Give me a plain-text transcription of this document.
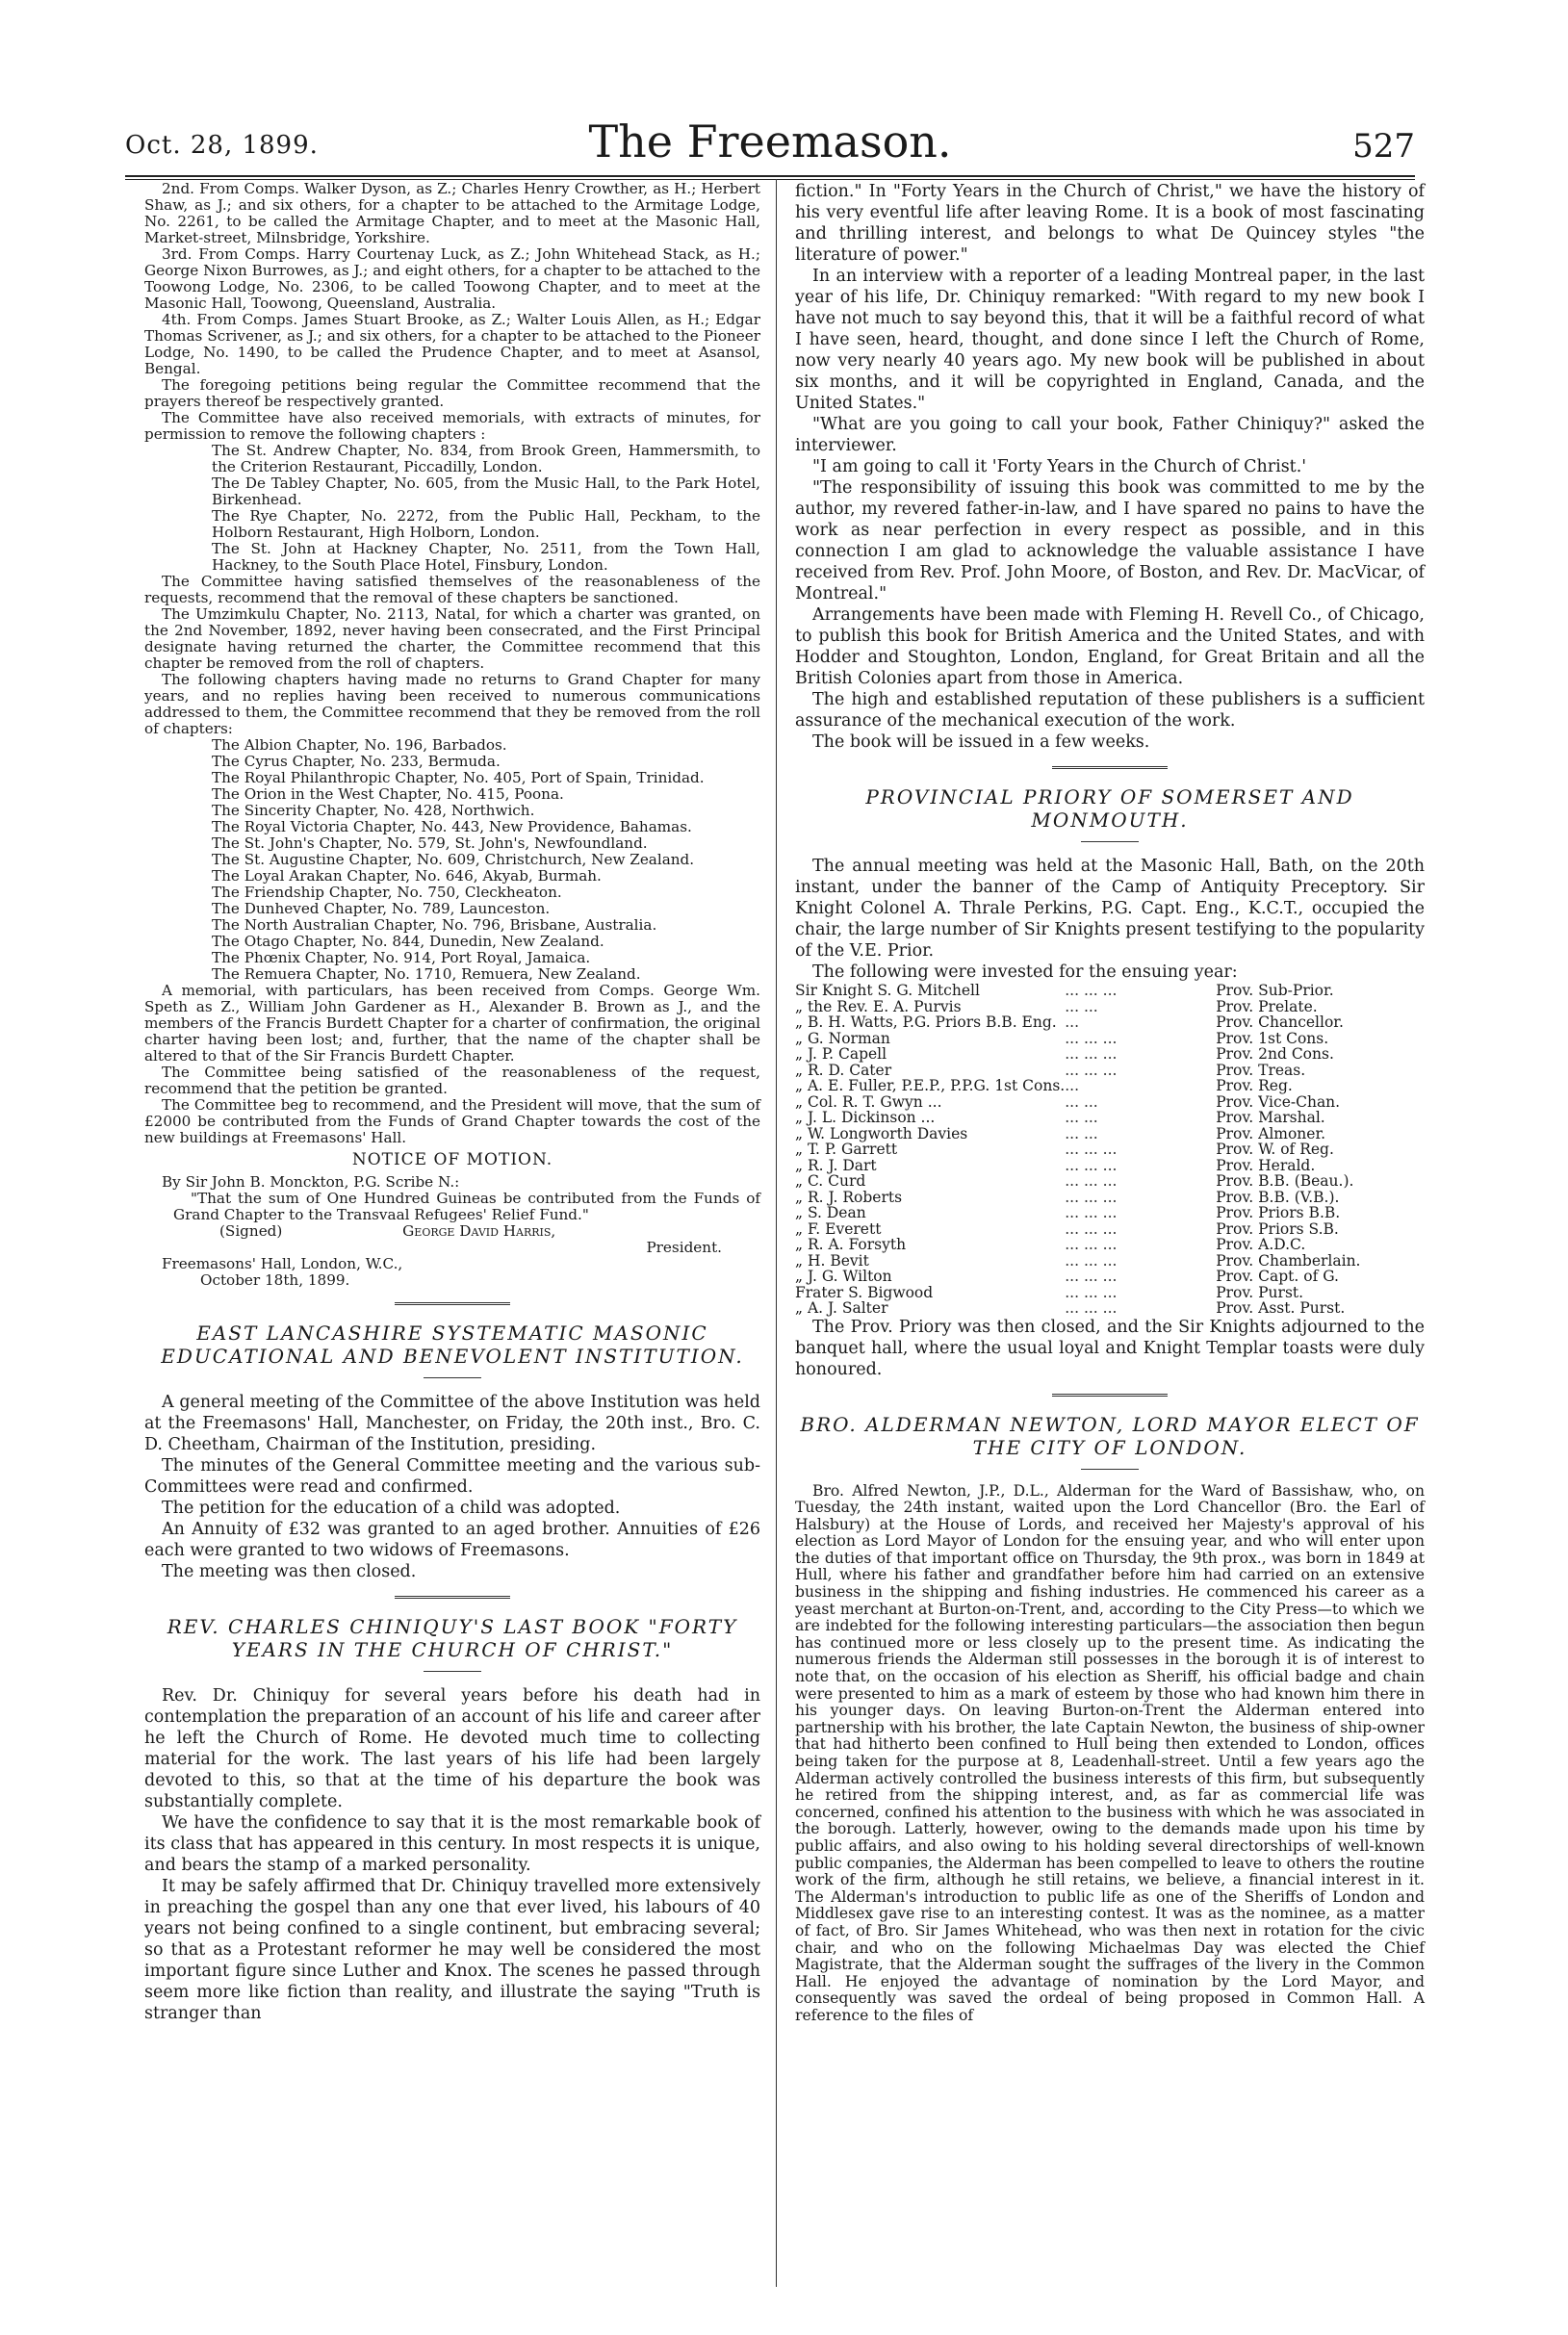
Oct. 28, 1899.	The Freemason.	527

2nd. From Comps. Walker Dyson, as Z.; Charles Henry Crowther, as H.; Herbert Shaw, as J.; and six others, for a chapter to be attached to the Armitage Lodge, No. 2261, to be called the Armitage Chapter, and to meet at the Masonic Hall, Market-street, Milnsbridge, Yorkshire.

3rd. From Comps. Harry Courtenay Luck, as Z.; John Whitehead Stack, as H.; George Nixon Burrowes, as J.; and eight others, for a chapter to be attached to the Toowong Lodge, No. 2306, to be called Toowong Chapter, and to meet at the Masonic Hall, Toowong, Queensland, Australia.

4th. From Comps. James Stuart Brooke, as Z.; Walter Louis Allen, as H.; Edgar Thomas Scrivener, as J.; and six others, for a chapter to be attached to the Pioneer Lodge, No. 1490, to be called the Prudence Chapter, and to meet at Asansol, Bengal.

The foregoing petitions being regular the Committee recommend that the prayers thereof be respectively granted.

The Committee have also received memorials, with extracts of minutes, for permission to remove the following chapters :

The St. Andrew Chapter, No. 834, from Brook Green, Hammersmith, to the Criterion Restaurant, Piccadilly, London.

The De Tabley Chapter, No. 605, from the Music Hall, to the Park Hotel, Birkenhead.

The Rye Chapter, No. 2272, from the Public Hall, Peckham, to the Holborn Restaurant, High Holborn, London.

The St. John at Hackney Chapter, No. 2511, from the Town Hall, Hackney, to the South Place Hotel, Finsbury, London.

The Committee having satisfied themselves of the reasonableness of the requests, recommend that the removal of these chapters be sanctioned.

The Umzimkulu Chapter, No. 2113, Natal, for which a charter was granted, on the 2nd November, 1892, never having been consecrated, and the First Principal designate having returned the charter, the Committee recommend that this chapter be removed from the roll of chapters.

The following chapters having made no returns to Grand Chapter for many years, and no replies having been received to numerous communications addressed to them, the Committee recommend that they be removed from the roll of chapters:

The Albion Chapter, No. 196, Barbados.

The Cyrus Chapter, No. 233, Bermuda.

The Royal Philanthropic Chapter, No. 405, Port of Spain, Trinidad.

The Orion in the West Chapter, No. 415, Poona.

The Sincerity Chapter, No. 428, Northwich.

The Royal Victoria Chapter, No. 443, New Providence, Bahamas.

The St. John's Chapter, No. 579, St. John's, Newfoundland.

The St. Augustine Chapter, No. 609, Christchurch, New Zealand.

The Loyal Arakan Chapter, No. 646, Akyab, Burmah.

The Friendship Chapter, No. 750, Cleckheaton.

The Dunheved Chapter, No. 789, Launceston.

The North Australian Chapter, No. 796, Brisbane, Australia.

The Otago Chapter, No. 844, Dunedin, New Zealand.

The Phœnix Chapter, No. 914, Port Royal, Jamaica.

The Remuera Chapter, No. 1710, Remuera, New Zealand.

A memorial, with particulars, has been received from Comps. George Wm. Speth as Z., William John Gardener as H., Alexander B. Brown as J., and the members of the Francis Burdett Chapter for a charter of confirmation, the original charter having been lost; and, further, that the name of the chapter shall be altered to that of the Sir Francis Burdett Chapter.

The Committee being satisfied of the reasonableness of the request, recommend that the petition be granted.

The Committee beg to recommend, and the President will move, that the sum of £2000 be contributed from the Funds of Grand Chapter towards the cost of the new buildings at Freemasons' Hall.

NOTICE OF MOTION.

By Sir John B. Monckton, P.G. Scribe N.:

"That the sum of One Hundred Guineas be contributed from the Funds of Grand Chapter to the Transvaal Refugees' Relief Fund."

(Signed)	George David Harris,

President.

Freemasons' Hall, London, W.C.,

October 18th, 1899.

EAST LANCASHIRE SYSTEMATIC MASONIC EDUCATIONAL AND BENEVOLENT INSTITUTION.

A general meeting of the Committee of the above Institution was held at the Freemasons' Hall, Manchester, on Friday, the 20th inst., Bro. C. D. Cheetham, Chairman of the Institution, presiding.

The minutes of the General Committee meeting and the various sub-Committees were read and confirmed.

The petition for the education of a child was adopted.

An Annuity of £32 was granted to an aged brother. Annuities of £26 each were granted to two widows of Freemasons.

The meeting was then closed.

REV. CHARLES CHINIQUY'S LAST BOOK "FORTY YEARS IN THE CHURCH OF CHRIST."

Rev. Dr. Chiniquy for several years before his death had in contemplation the preparation of an account of his life and career after he left the Church of Rome. He devoted much time to collecting material for the work. The last years of his life had been largely devoted to this, so that at the time of his departure the book was substantially complete.

We have the confidence to say that it is the most remarkable book of its class that has appeared in this century. In most respects it is unique, and bears the stamp of a marked personality.

It may be safely affirmed that Dr. Chiniquy travelled more extensively in preaching the gospel than any one that ever lived, his labours of 40 years not being confined to a single continent, but embracing several; so that as a Protestant reformer he may well be considered the most important figure since Luther and Knox. The scenes he passed through seem more like fiction than reality, and illustrate the saying "Truth is stranger than

fiction." In "Forty Years in the Church of Christ," we have the history of his very eventful life after leaving Rome. It is a book of most fascinating and thrilling interest, and belongs to what De Quincey styles "the literature of power."

In an interview with a reporter of a leading Montreal paper, in the last year of his life, Dr. Chiniquy remarked: "With regard to my new book I have not much to say beyond this, that it will be a faithful record of what I have seen, heard, thought, and done since I left the Church of Rome, now very nearly 40 years ago. My new book will be published in about six months, and it will be copyrighted in England, Canada, and the United States."

"What are you going to call your book, Father Chiniquy?" asked the interviewer.

"I am going to call it 'Forty Years in the Church of Christ.'

"The responsibility of issuing this book was committed to me by the author, my revered father-in-law, and I have spared no pains to have the work as near perfection in every respect as possible, and in this connection I am glad to acknowledge the valuable assistance I have received from Rev. Prof. John Moore, of Boston, and Rev. Dr. MacVicar, of Montreal."

Arrangements have been made with Fleming H. Revell Co., of Chicago, to publish this book for British America and the United States, and with Hodder and Stoughton, London, England, for Great Britain and all the British Colonies apart from those in America.

The high and established reputation of these publishers is a sufficient assurance of the mechanical execution of the work.

The book will be issued in a few weeks.

PROVINCIAL PRIORY OF SOMERSET AND MONMOUTH.

The annual meeting was held at the Masonic Hall, Bath, on the 20th instant, under the banner of the Camp of Antiquity Preceptory. Sir Knight Colonel A. Thrale Perkins, P.G. Capt. Eng., K.C.T., occupied the chair, the large number of Sir Knights present testifying to the popularity of the V.E. Prior.

The following were invested for the ensuing year:

Sir Knight S. G. Mitchell	... ... ...	Prov. Sub-Prior.
„ the Rev. E. A. Purvis	... ...	Prov. Prelate.
„ B. H. Watts, P.G. Priors B.B. Eng.	...	Prov. Chancellor.
„ G. Norman	... ... ...	Prov. 1st Cons.
„ J. P. Capell	... ... ...	Prov. 2nd Cons.
„ R. D. Cater	... ... ...	Prov. Treas.
„ A. E. Fuller, P.E.P., P.P.G. 1st Cons.	...	Prov. Reg.
„ Col. R. T. Gwyn ...	... ...	Prov. Vice-Chan.
„ J. L. Dickinson ...	... ...	Prov. Marshal.
„ W. Longworth Davies	... ...	Prov. Almoner.
„ T. P. Garrett	... ... ...	Prov. W. of Reg.
„ R. J. Dart	... ... ...	Prov. Herald.
„ C. Curd	... ... ...	Prov. B.B. (Beau.).
„ R. J. Roberts	... ... ...	Prov. B.B. (V.B.).
„ S. Dean	... ... ...	Prov. Priors B.B.
„ F. Everett	... ... ...	Prov. Priors S.B.
„ R. A. Forsyth	... ... ...	Prov. A.D.C.
„ H. Bevit	... ... ...	Prov. Chamberlain.
„ J. G. Wilton	... ... ...	Prov. Capt. of G.
Frater S. Bigwood	... ... ...	Prov. Purst.
„ A. J. Salter	... ... ...	Prov. Asst. Purst.

The Prov. Priory was then closed, and the Sir Knights adjourned to the banquet hall, where the usual loyal and Knight Templar toasts were duly honoured.

BRO. ALDERMAN NEWTON, LORD MAYOR ELECT OF THE CITY OF LONDON.

Bro. Alfred Newton, J.P., D.L., Alderman for the Ward of Bassishaw, who, on Tuesday, the 24th instant, waited upon the Lord Chancellor (Bro. the Earl of Halsbury) at the House of Lords, and received her Majesty's approval of his election as Lord Mayor of London for the ensuing year, and who will enter upon the duties of that important office on Thursday, the 9th prox., was born in 1849 at Hull, where his father and grandfather before him had carried on an extensive business in the shipping and fishing industries. He commenced his career as a yeast merchant at Burton-on-Trent, and, according to the City Press—to which we are indebted for the following interesting particulars—the association then begun has continued more or less closely up to the present time. As indicating the numerous friends the Alderman still possesses in the borough it is of interest to note that, on the occasion of his election as Sheriff, his official badge and chain were presented to him as a mark of esteem by those who had known him there in his younger days. On leaving Burton-on-Trent the Alderman entered into partnership with his brother, the late Captain Newton, the business of ship-owner that had hitherto been confined to Hull being then extended to London, offices being taken for the purpose at 8, Leadenhall-street. Until a few years ago the Alderman actively controlled the business interests of this firm, but subsequently he retired from the shipping interest, and, as far as commercial life was concerned, confined his attention to the business with which he was associated in the borough. Latterly, however, owing to the demands made upon his time by public affairs, and also owing to his holding several directorships of well-known public companies, the Alderman has been compelled to leave to others the routine work of the firm, although he still retains, we believe, a financial interest in it. The Alderman's introduction to public life as one of the Sheriffs of London and Middlesex gave rise to an interesting contest. It was as the nominee, as a matter of fact, of Bro. Sir James Whitehead, who was then next in rotation for the civic chair, and who on the following Michaelmas Day was elected the Chief Magistrate, that the Alderman sought the suffrages of the livery in the Common Hall. He enjoyed the advantage of nomination by the Lord Mayor, and consequently was saved the ordeal of being proposed in Common Hall. A reference to the files of
